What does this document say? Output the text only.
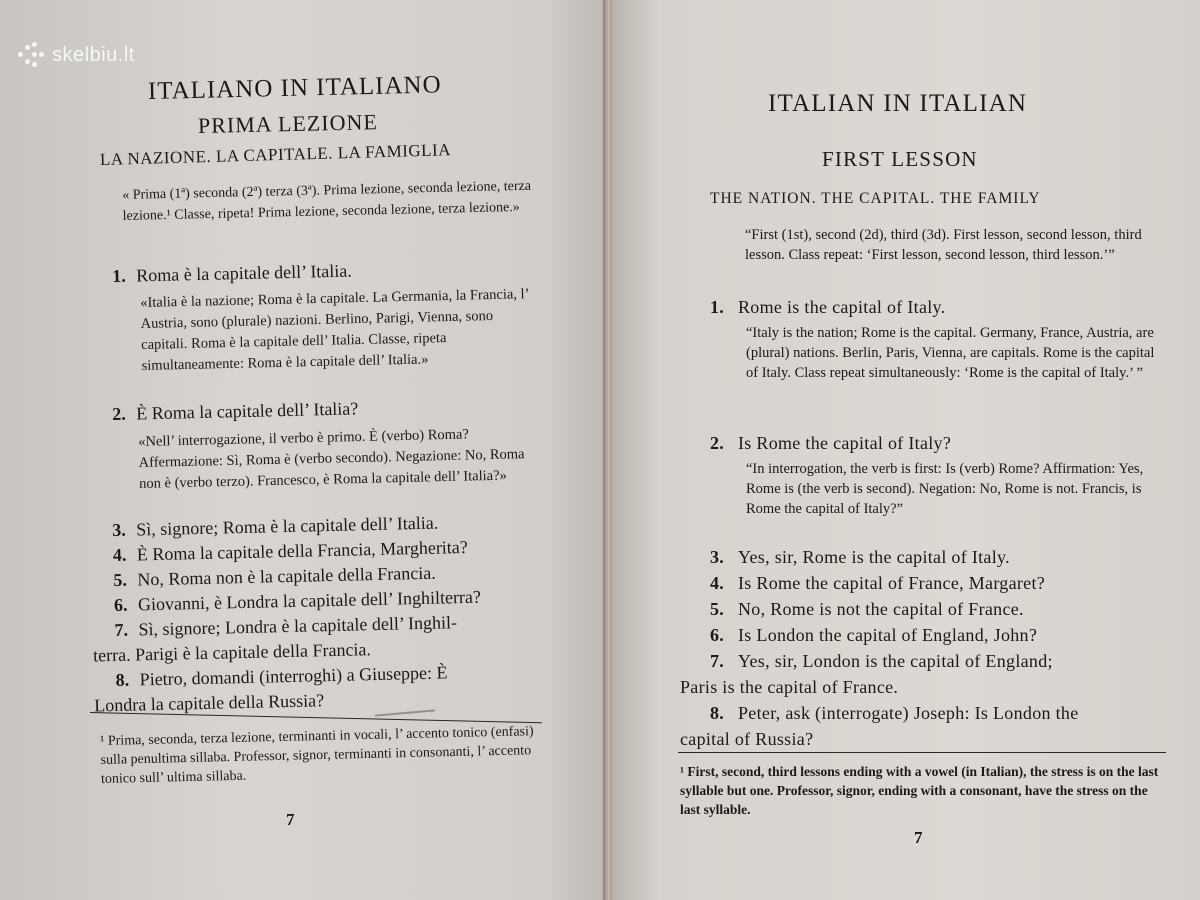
skelbiu.lt
ITALIANO IN ITALIANO
PRIMA LEZIONE
LA NAZIONE. LA CAPITALE. LA FAMIGLIA
« Prima (1ª) seconda (2ª) terza (3ª). Prima lezione, seconda lezione, terza lezione.¹ Classe, ripeta! Prima lezione, seconda lezione, terza lezione.»
1. Roma è la capitale dell’ Italia.
«Italia è la nazione; Roma è la capitale. La Germania, la Francia, l’ Austria, sono (plurale) nazioni. Berlino, Parigi, Vienna, sono capitali. Roma è la capitale dell’ Italia. Classe, ripeta simultaneamente: Roma è la capitale dell’ Italia.»
2. È Roma la capitale dell’ Italia?
«Nell’ interrogazione, il verbo è primo. È (verbo) Roma? Affermazione: Sì, Roma è (verbo secondo). Negazione: No, Roma non è (verbo terzo). Francesco, è Roma la capitale dell’ Italia?»
3. Sì, signore; Roma è la capitale dell’ Italia.
4. È Roma la capitale della Francia, Margherita?
5. No, Roma non è la capitale della Francia.
6. Giovanni, è Londra la capitale dell’ Inghilterra?
7. Sì, signore; Londra è la capitale dell’ Inghil-
terra. Parigi è la capitale della Francia.
8. Pietro, domandi (interroghi) a Giuseppe: È
Londra la capitale della Russia?
¹ Prima, seconda, terza lezione, terminanti in vocali, l’ accento tonico (enfasi) sulla penultima sillaba. Professor, signor, terminanti in consonanti, l’ accento tonico sull’ ultima sillaba.
7
ITALIAN IN ITALIAN
FIRST LESSON
THE NATION. THE CAPITAL. THE FAMILY
“First (1st), second (2d), third (3d). First lesson, second lesson, third lesson. Class repeat: ‘First lesson, second lesson, third lesson.’”
1. Rome is the capital of Italy.
“Italy is the nation; Rome is the capital. Germany, France, Austria, are (plural) nations. Berlin, Paris, Vienna, are capitals. Rome is the capital of Italy. Class repeat simultaneously: ‘Rome is the capital of Italy.’ ”
2. Is Rome the capital of Italy?
“In interrogation, the verb is first: Is (verb) Rome? Affirmation: Yes, Rome is (the verb is second). Negation: No, Rome is not. Francis, is Rome the capital of Italy?”
3. Yes, sir, Rome is the capital of Italy.
4. Is Rome the capital of France, Margaret?
5. No, Rome is not the capital of France.
6. Is London the capital of England, John?
7. Yes, sir, London is the capital of England;
Paris is the capital of France.
8. Peter, ask (interrogate) Joseph: Is London the
capital of Russia?
¹ First, second, third lessons ending with a vowel (in Italian), the stress is on the last syllable but one. Professor, signor, ending with a consonant, have the stress on the last syllable.
7
